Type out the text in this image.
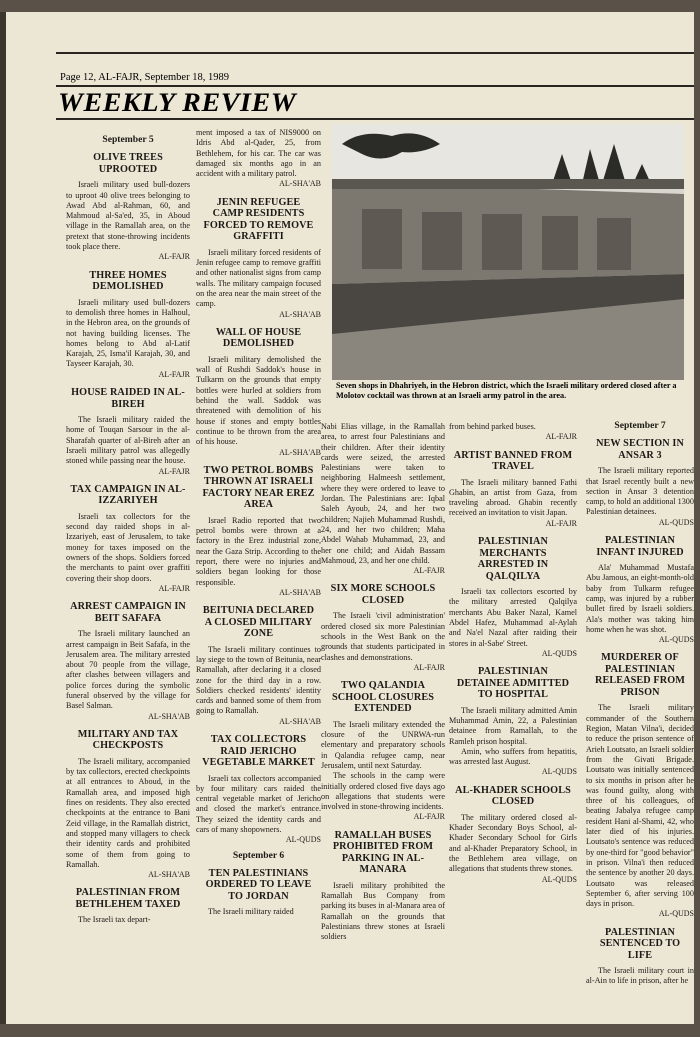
Page 12, AL-FAJR, September 18, 1989
WEEKLY REVIEW
Seven shops in Dhahriyeh, in the Hebron district, which the Israeli military ordered closed after a Molotov cocktail was thrown at an Israeli army patrol in the area.
September 5
OLIVE TREES UPROOTED

Israeli military used bull-dozers to uproot 40 olive trees belonging to Awad Abd al-Rahman, 60, and Mahmoud al-Sa'ed, 35, in Aboud village in the Ramallah area, on the pretext that stone-throwing incidents took place there.

AL-FAJR
THREE HOMES DEMOLISHED

Israeli military used bull-dozers to demolish three homes in Halhoul, in the Hebron area, on the grounds of not having building licenses. The homes belong to Abd al-Latif Karajah, 25, Isma'il Karajah, 30, and Tayseer Karajah, 30.

AL-FAJR
HOUSE RAIDED IN AL-BIREH

The Israeli military raided the home of Touqan Sarsour in the al-Sharafah quarter of al-Bireh after an Israeli military patrol was allegedly stoned while passing near the house.

AL-FAJR
TAX CAMPAIGN IN AL-IZZARIYEH

Israeli tax collectors for the second day raided shops in al-Izzariyeh, east of Jerusalem, to take money for taxes imposed on the owners of the shops. Soldiers forced the merchants to paint over graffiti covering their shop doors.

AL-FAJR
ARREST CAMPAIGN IN BEIT SAFAFA

The Israeli military launched an arrest campaign in Beit Safafa, in the Jerusalem area. The military arrested about 70 people from the village, after clashes between villagers and police forces during the symbolic funeral observed by the village for Basel Salman.

AL-SHA'AB
MILITARY AND TAX CHECKPOSTS

The Israeli military, accompanied by tax collectors, erected checkpoints at all entrances to Aboud, in the Ramallah area, and imposed high fines on residents. They also erected checkpoints at the entrance to Bani Zeid village, in the Ramallah district, and stopped many villagers to check their identity cards and prohibited some of them from going to Ramallah.

AL-SHA'AB
PALESTINIAN FROM BETHLEHEM TAXED

The Israeli tax depart-

ment imposed a tax of NIS9000 on Idris Abd al-Qader, 25, from Bethlehem, for his car. The car was damaged six months ago in an accident with a military patrol.

AL-SHA'AB
JENIN REFUGEE CAMP RESIDENTS FORCED TO REMOVE GRAFFITI

Israeli military forced residents of Jenin refugee camp to remove graffiti and other nationalist signs from camp walls. The military campaign focused on the area near the main street of the camp.

AL-SHA'AB
WALL OF HOUSE DEMOLISHED

Israeli military demolished the wall of Rushdi Saddok's house in Tulkarm on the grounds that empty bottles were hurled at soldiers from behind the wall. Saddok was threatened with demolition of his house if stones and empty bottles continue to be thrown from the area of his house.

AL-SHA'AB
TWO PETROL BOMBS THROWN AT ISRAELI FACTORY NEAR EREZ AREA

Israel Radio reported that two petrol bombs were thrown at a factory in the Erez industrial zone, near the Gaza Strip. According to the report, there were no injuries and soldiers began looking for those responsible.

AL-SHA'AB
BEITUNIA DECLARED A CLOSED MILITARY ZONE

The Israeli military continues to lay siege to the town of Beitunia, near Ramallah, after declaring it a closed zone for the third day in a row. Soldiers checked residents' identity cards and banned some of them from going to Ramallah.

AL-SHA'AB
TAX COLLECTORS RAID JERICHO VEGETABLE MARKET

Israeli tax collectors accompanied by four military cars raided the central vegetable market of Jericho and closed the market's entrance. They seized the identity cards and cars of many shopowners.

AL-QUDS
September 6
TEN PALESTINIANS ORDERED TO LEAVE TO JORDAN

The Israeli military raided

Nabi Elias village, in the Ramallah area, to arrest four Palestinians and their children. After their identity cards were seized, the arrested Palestinians were taken to neighboring Halmeesh settlement, where they were ordered to leave to Jordan. The Palestinians are: Iqbal Saleh Ayoub, 24, and her two children; Najieh Muhammad Rushdi, 24, and her two children; Maha Abdel Wahab Muhammad, 23, and her one child; and Aidah Bassam Mahmoud, 23, and her one child.

AL-FAJR
SIX MORE SCHOOLS CLOSED

The Israeli 'civil administration' ordered closed six more Palestinian schools in the West Bank on the grounds that students participated in clashes and demonstrations.

AL-FAJR
TWO QALANDIA SCHOOL CLOSURES EXTENDED

The Israeli military extended the closure of the UNRWA-run elementary and preparatory schools in Qalandia refugee camp, near Jerusalem, until next Saturday.

The schools in the camp were initially ordered closed five days ago on allegations that students were involved in stone-throwing incidents.

AL-FAJR
RAMALLAH BUSES PROHIBITED FROM PARKING IN AL-MANARA

Israeli military prohibited the Ramallah Bus Company from parking its buses in al-Manara area of Ramallah on the grounds that Palestinians threw stones at Israeli soldiers

from behind parked buses.

AL-FAJR
ARTIST BANNED FROM TRAVEL

The Israeli military banned Fathi Ghabin, an artist from Gaza, from traveling abroad. Ghabin recently received an invitation to visit Japan.

AL-FAJR
PALESTINIAN MERCHANTS ARRESTED IN QALQILYA

Israeli tax collectors escorted by the military arrested Qalqilya merchants Abu Baker Nazal, Kamel Abdel Hafez, Muhammad al-Aylah and Na'el Nazal after raiding their stores in al-Sabe' Street.

AL-QUDS
PALESTINIAN DETAINEE ADMITTED TO HOSPITAL

The Israeli military admitted Amin Muhammad Amin, 22, a Palestinian detainee from Ramallah, to the Ramleh prison hospital.

Amin, who suffers from hepatitis, was arrested last August.

AL-QUDS
AL-KHADER SCHOOLS CLOSED

The military ordered closed al-Khader Secondary Boys School, al-Khader Secondary School for Girls and al-Khader Preparatory School, in the Bethlehem area village, on allegations that students threw stones.

AL-QUDS
September 7
NEW SECTION IN ANSAR 3

The Israeli military reported that Israel recently built a new section in Ansar 3 detention camp, to hold an additional 1300 Palestinian detainees.

AL-QUDS
PALESTINIAN INFANT INJURED

Ala' Muhammad Mustafa Abu Jamous, an eight-month-old baby from Tulkarm refugee camp, was injured by a rubber bullet fired by Israeli soldiers. Ala's mother was taking him home when he was shot.

AL-QUDS
MURDERER OF PALESTINIAN RELEASED FROM PRISON

The Israeli military commander of the Southern Region, Matan Vilna'i, decided to reduce the prison sentence of Arieh Loutsato, an Israeli soldier from the Givati Brigade. Loutsato was initially sentenced to six months in prison after he was found guilty, along with three of his colleagues, of beating Jabalya refugee camp resident Hani al-Shami, 42, who later died of his injuries. Loutsato's sentence was reduced by one-third for "good behavior" in prison. Vilna'i then reduced the sentence by another 20 days. Loutsato was released September 6, after serving 100 days in prison.

AL-QUDS
PALESTINIAN SENTENCED TO LIFE

The Israeli military court in al-Ain to life in prison, after he
